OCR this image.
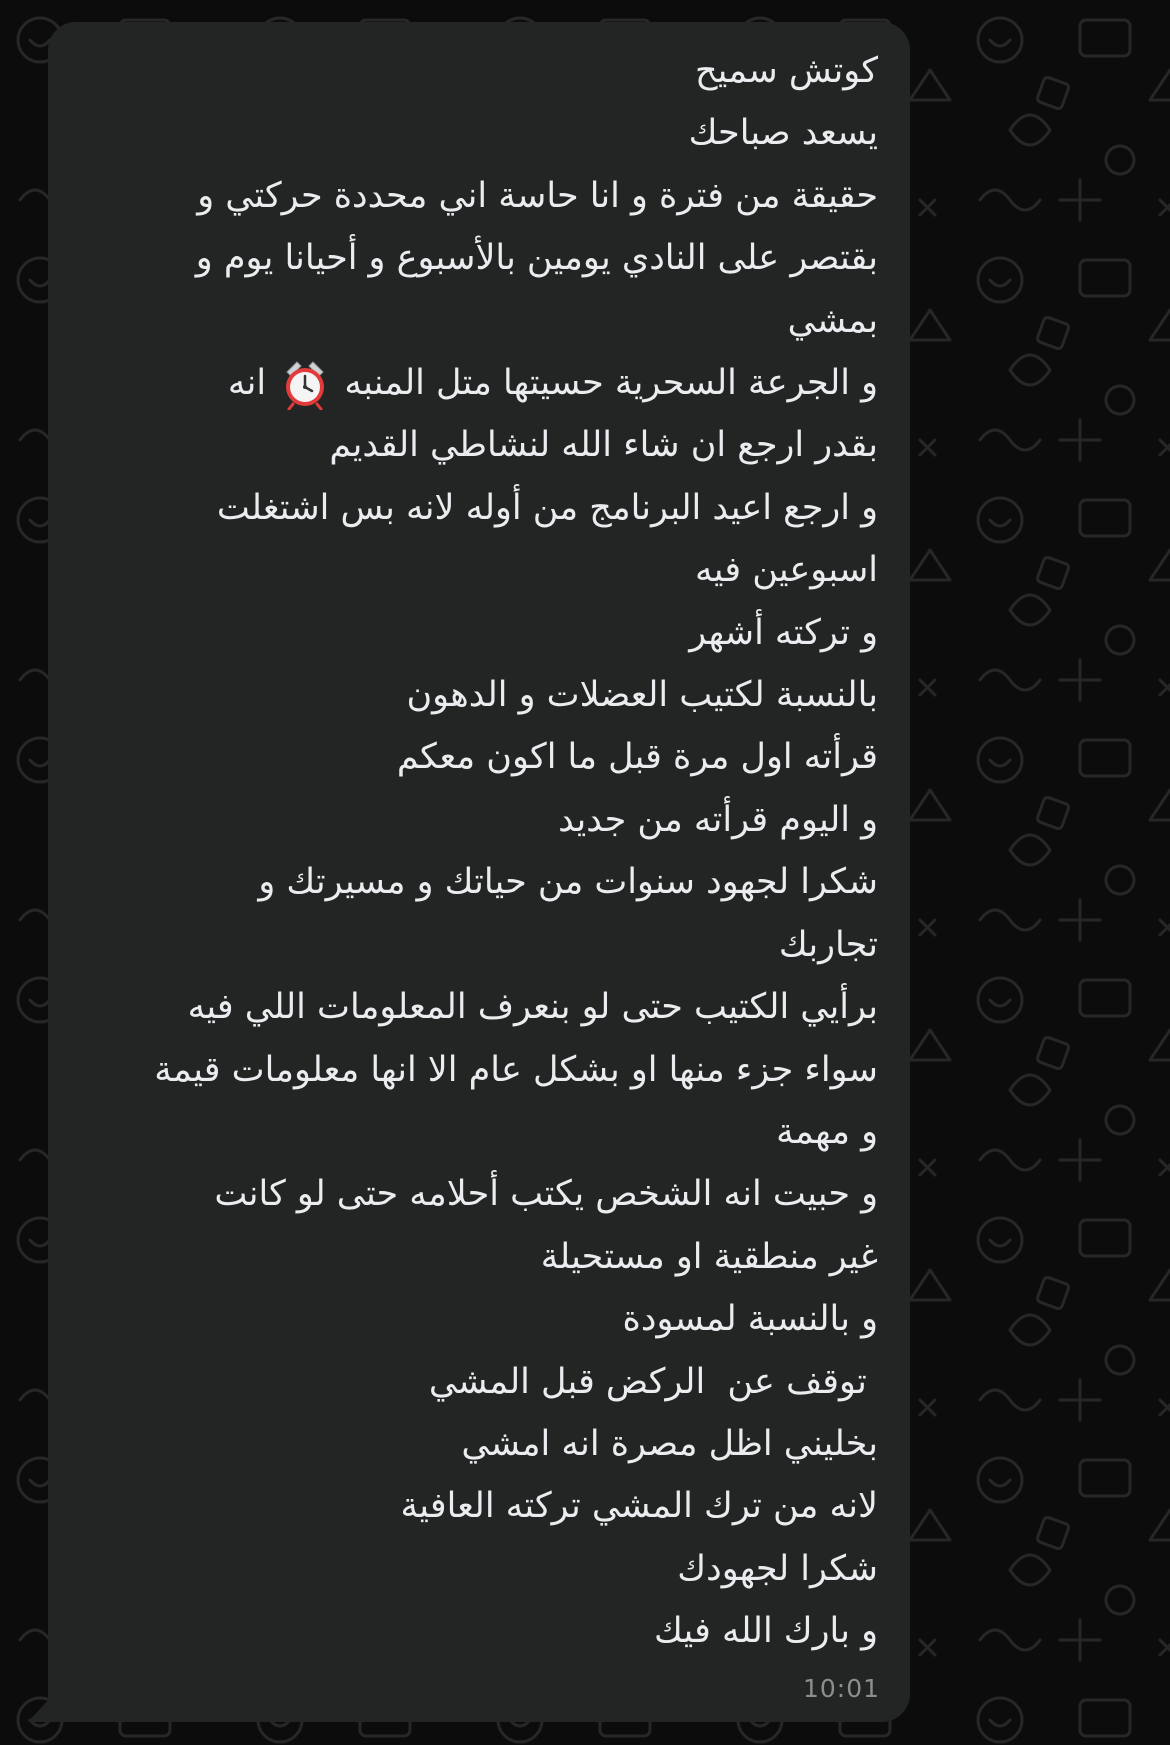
كوتش سميح
يسعد صباحك
حقيقة من فترة و انا حاسة اني محددة حركتي و
بقتصر على النادي يومين بالأسبوع و أحيانا يوم و
بمشي
و الجرعة السحرية حسيتها متل المنبه  انه
بقدر ارجع ان شاء الله لنشاطي القديم
و ارجع اعيد البرنامج من أوله لانه بس اشتغلت
اسبوعين فيه
و تركته أشهر
بالنسبة لكتيب العضلات و الدهون
قرأته اول مرة قبل ما اكون معكم
و اليوم قرأته من جديد
شكرا لجهود سنوات من حياتك و مسيرتك و
تجاربك
برأيي الكتيب حتى لو بنعرف المعلومات اللي فيه
سواء جزء منها او بشكل عام الا انها معلومات قيمة
و مهمة
و حبيت انه الشخص يكتب أحلامه حتى لو كانت
غير منطقية او مستحيلة
و بالنسبة لمسودة
توقف عن  الركض قبل المشي
بخليني اظل مصرة انه امشي
لانه من ترك المشي تركته العافية
شكرا لجهودك
و بارك الله فيك
10:01
